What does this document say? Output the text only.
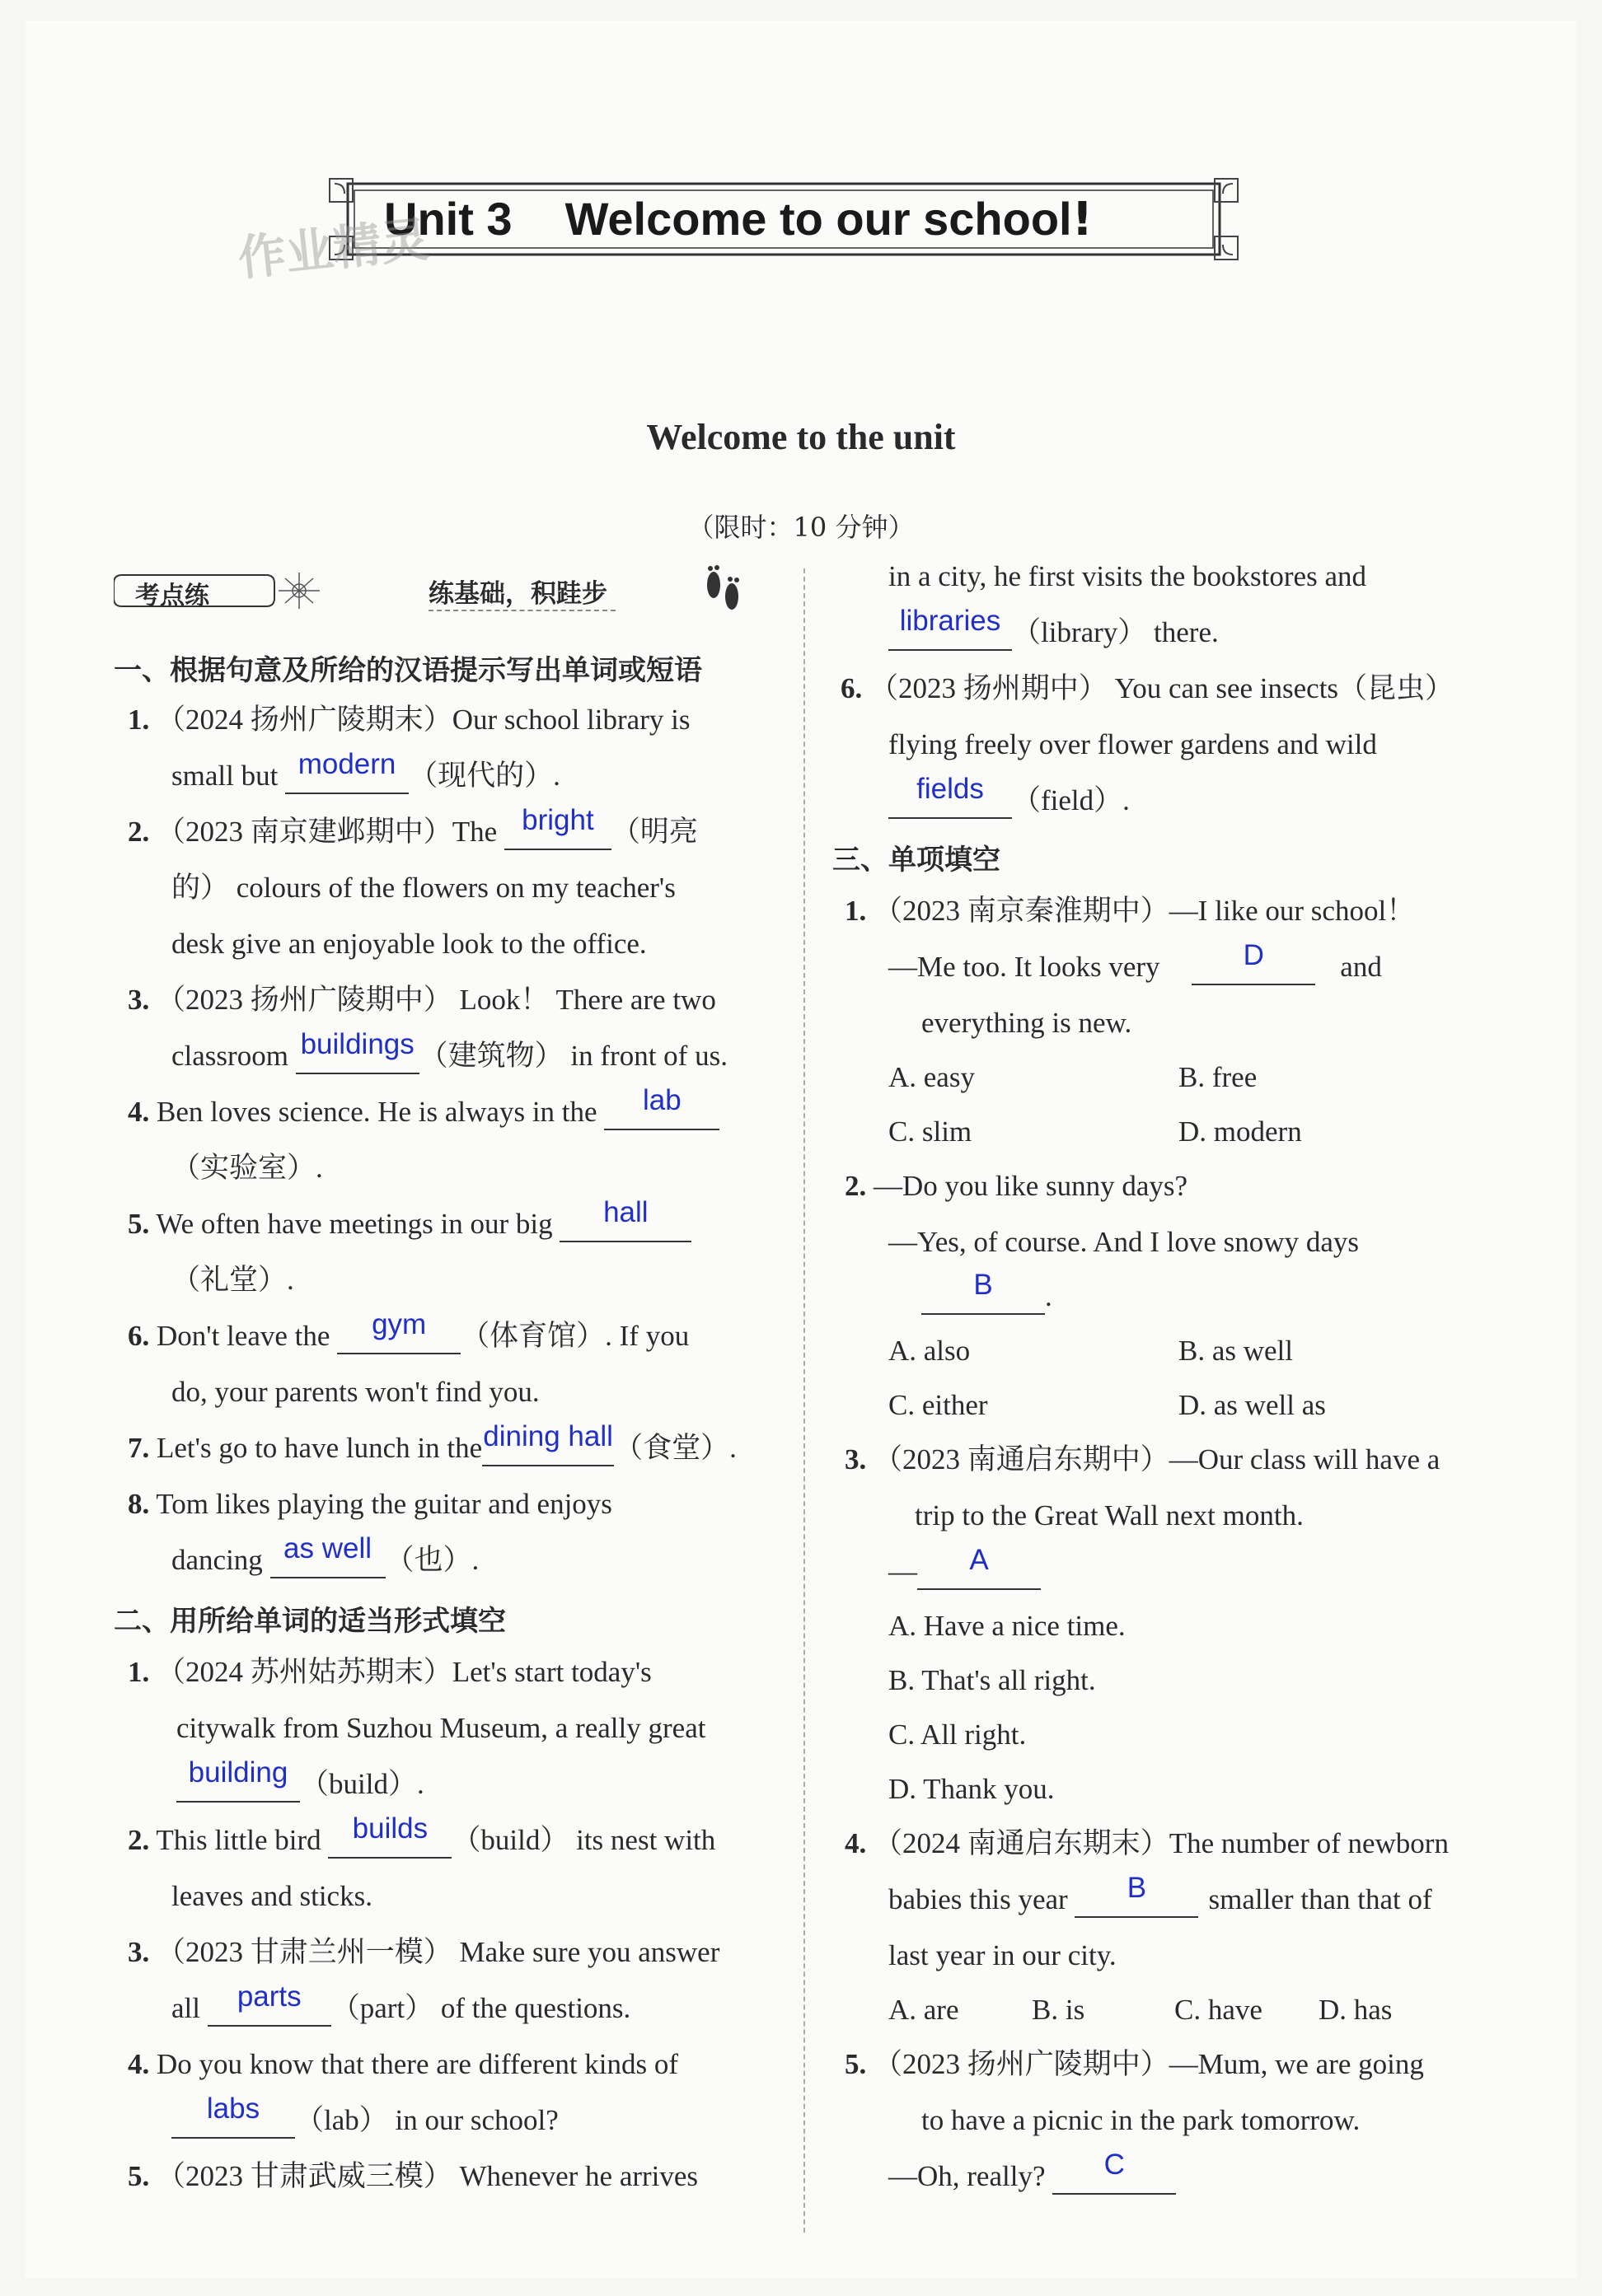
Unit 3 Welcome to our school!
作业精灵
Welcome to the unit
（限时：10 分钟）
考点练	练基础，积跬步
一、根据句意及所给的汉语提示写出单词或短语
1. （2024 扬州广陵期末）Our school library is
small but modern （现代的）.
2. （2023 南京建邺期中）The bright （明亮
的） colours of the flowers on my teacher's
desk give an enjoyable look to the office.
3. （2023 扬州广陵期中） Look！ There are two
classroom buildings （建筑物） in front of us.
4. Ben loves science. He is always in the lab
（实验室）.
5. We often have meetings in our big hall
（礼堂）.
6. Don't leave the gym （体育馆）. If you
do, your parents won't find you.
7. Let's go to have lunch in thedining hall（食堂）.
8. Tom likes playing the guitar and enjoys
dancing as well （也）.
二、用所给单词的适当形式填空
1. （2024 苏州姑苏期末）Let's start today's
citywalk from Suzhou Museum, a really great
building （build）.
2. This little bird builds （build） its nest with
leaves and sticks.
3. （2023 甘肃兰州一模） Make sure you answer
all parts （part） of the questions.
4. Do you know that there are different kinds of
labs （lab） in our school?
5. （2023 甘肃武威三模） Whenever he arrives
in a city, he first visits the bookstores and
libraries （library） there.
6. （2023 扬州期中） You can see insects（昆虫）
flying freely over flower gardens and wild
fields （field）.
三、单项填空
1. （2023 南京秦淮期中）—I like our school！
—Me too. It looks very	D	and
everything is new.
A. easy	B. free
C. slim	D. modern
2. —Do you like sunny days?
—Yes, of course. And I love snowy days
B .
A. also	B. as well
C. either	D. as well as
3. （2023 南通启东期中）—Our class will have a
trip to the Great Wall next month.
— A
A. Have a nice time.
B. That's all right.
C. All right.
D. Thank you.
4. （2024 南通启东期末）The number of newborn
babies this year B smaller than that of
last year in our city.
A. are	B. is	C. have D. has
5. （2023 扬州广陵期中）—Mum, we are going
to have a picnic in the park tomorrow.
—Oh, really? C
